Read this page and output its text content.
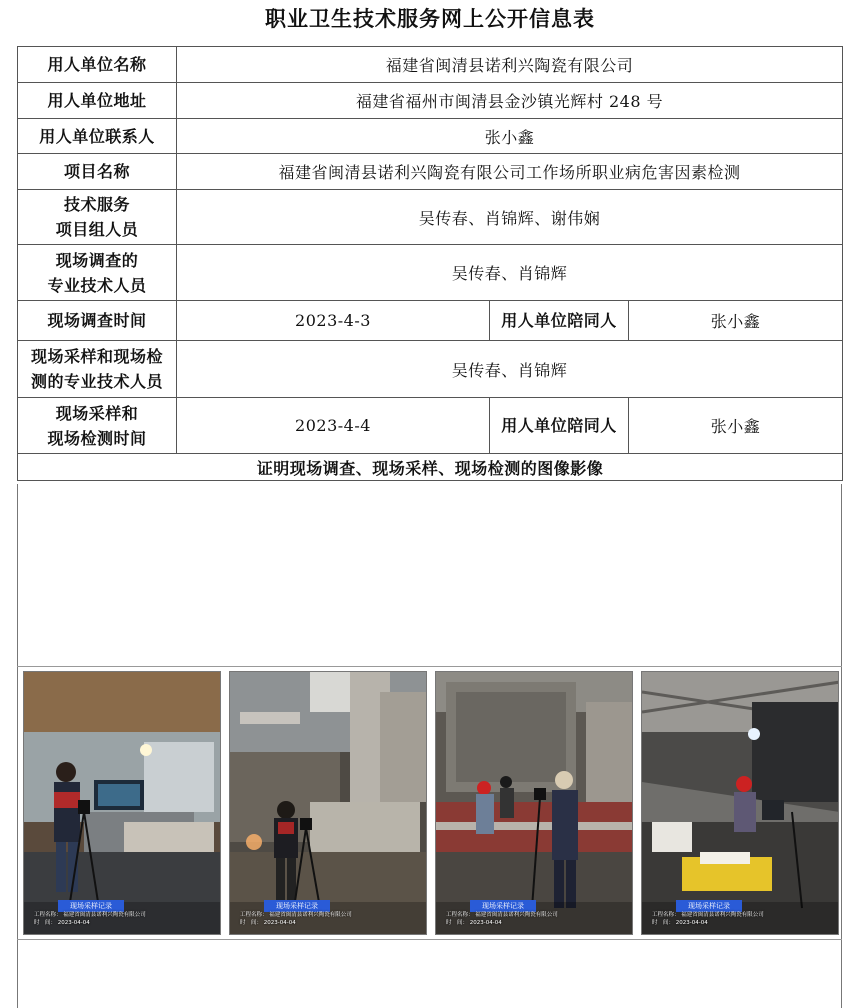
职业卫生技术服务网上公开信息表
用人单位名称	福建省闽清县诺利兴陶瓷有限公司		
用人单位地址	福建省福州市闽清县金沙镇光辉村 248 号		
用人单位联系人	张小鑫		
项目名称	福建省闽清县诺利兴陶瓷有限公司工作场所职业病危害因素检测		

技术服务
项目组人员	吴传春、肖锦辉、谢伟娴		

现场调查的
专业技术人员	吴传春、肖锦辉		
现场调查时间	2023-4-3	用人单位陪同人	张小鑫

现场采样和现场检
测的专业技术人员	吴传春、肖锦辉		

现场采样和
现场检测时间	2023-4-4	用人单位陪同人	张小鑫
证明现场调查、现场采样、现场检测的图像影像			
现场采样记录
工程名称： 福建省闽清县诺利兴陶瓷有限公司
时　间： 2023-04-04
现场采样记录
工程名称： 福建省闽清县诺利兴陶瓷有限公司
时　间： 2023-04-04
现场采样记录
工程名称： 福建省闽清县诺利兴陶瓷有限公司
时　间： 2023-04-04
现场采样记录
工程名称： 福建省闽清县诺利兴陶瓷有限公司
时　间： 2023-04-04
